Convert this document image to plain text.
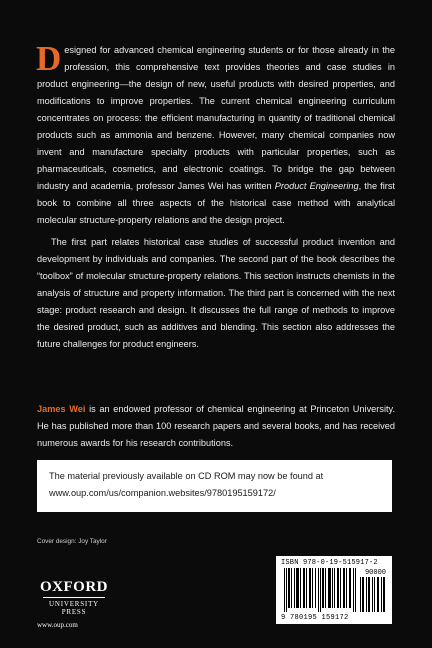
Designed for advanced chemical engineering students or for those already in the profession, this comprehensive text provides theories and case studies in product engineering—the design of new, useful products with desired properties, and modifications to improve properties. The current chemical engineering curriculum concentrates on process: the efficient manufacturing in quantity of traditional chemical products such as ammonia and benzene. However, many chemical companies now invent and manufacture specialty products with particular properties, such as pharmaceuticals, cosmetics, and electronic coatings. To bridge the gap between industry and academia, professor James Wei has written Product Engineering, the first book to combine all three aspects of the historical case method with analytical molecular structure-property relations and the design project.

The first part relates historical case studies of successful product invention and development by individuals and companies. The second part of the book describes the “toolbox” of molecular structure-property relations. This section instructs chemists in the analysis of structure and property information. The third part is concerned with the next stage: product research and design. It discusses the full range of methods to improve the desired product, such as additives and blending. This section also addresses the future challenges for product engineers.

James Wei is an endowed professor of chemical engineering at Princeton University. He has published more than 100 research papers and several books, and has received numerous awards for his research contributions.

The material previously available on CD ROM may now be found at www.oup.com/us/companion.websites/9780195159172/
Cover design: Joy Taylor
OXFORD
UNIVERSITY PRESS
www.oup.com
ISBN 978-0-19-515917-2
90000
9 780195 159172
